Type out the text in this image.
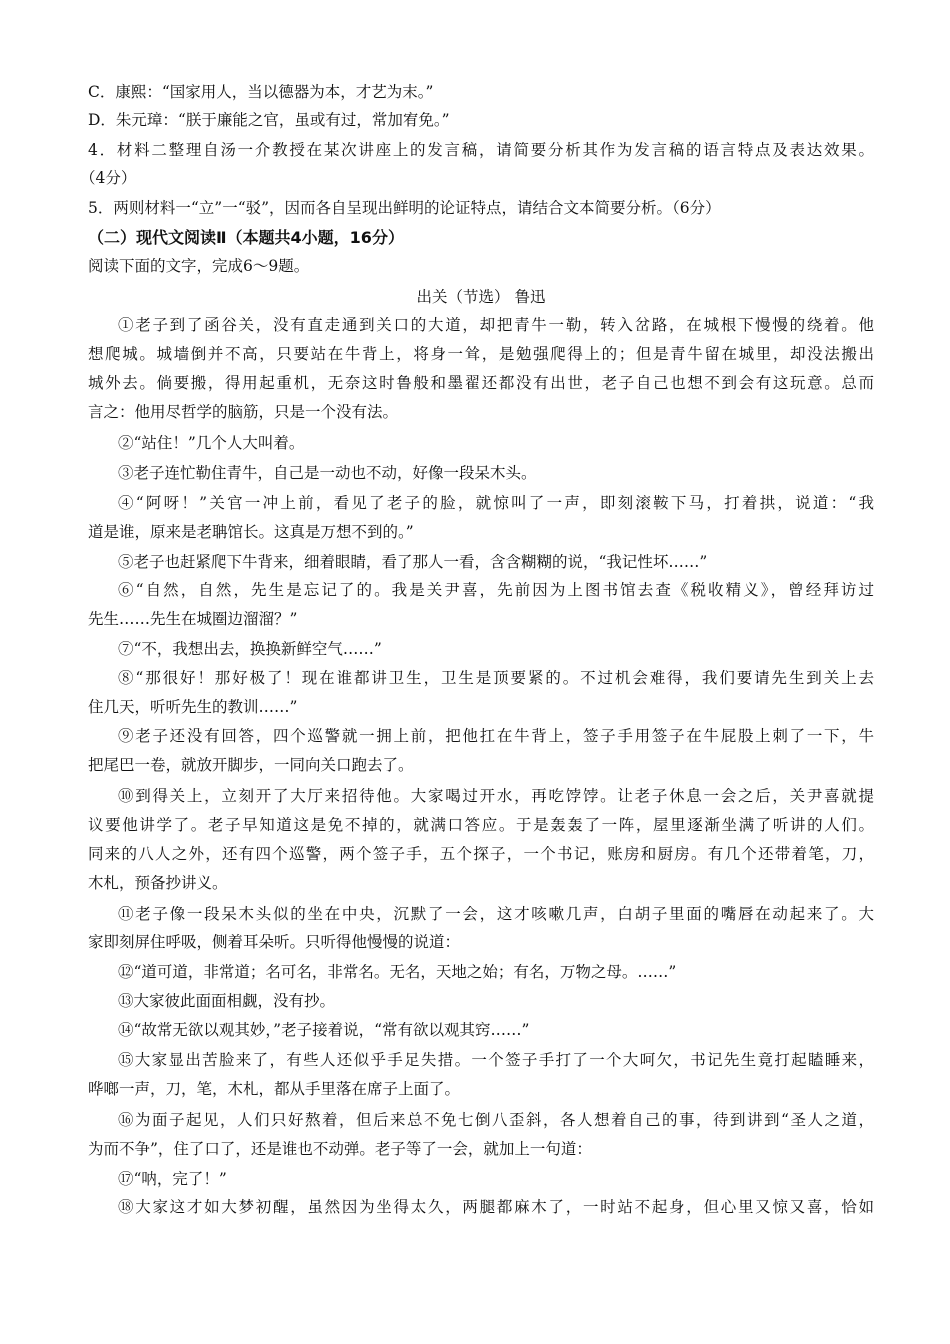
C．康熙：“国家用人，当以德器为本，才艺为末。”
D．朱元璋：“朕于廉能之官，虽或有过，常加宥免。”
4．材料二整理自汤一介教授在某次讲座上的发言稿，请简要分析其作为发言稿的语言特点及表达效果。
（4分）
5．两则材料一“立”一“驳”，因而各自呈现出鲜明的论证特点，请结合文本简要分析。（6分）
（二）现代文阅读Ⅱ（本题共4小题，16分）
阅读下面的文字，完成6～9题。
出关（节选） 鲁迅
①老子到了函谷关，没有直走通到关口的大道，却把青牛一勒，转入岔路，在城根下慢慢的绕着。他
想爬城。城墙倒并不高，只要站在牛背上，将身一耸，是勉强爬得上的；但是青牛留在城里，却没法搬出
城外去。倘要搬，得用起重机，无奈这时鲁般和墨翟还都没有出世，老子自己也想不到会有这玩意。总而
言之：他用尽哲学的脑筋，只是一个没有法。
②“站住！”几个人大叫着。
③老子连忙勒住青牛，自己是一动也不动，好像一段呆木头。
④“阿呀！”关官一冲上前，看见了老子的脸，就惊叫了一声，即刻滚鞍下马，打着拱，说道：“我
道是谁，原来是老聃馆长。这真是万想不到的。”
⑤老子也赶紧爬下牛背来，细着眼睛，看了那人一看，含含糊糊的说，“我记性坏……”
⑥“自然，自然，先生是忘记了的。我是关尹喜，先前因为上图书馆去查《税收精义》，曾经拜访过
先生……先生在城圈边溜溜？”
⑦“不，我想出去，换换新鲜空气……”
⑧“那很好！那好极了！现在谁都讲卫生，卫生是顶要紧的。不过机会难得，我们要请先生到关上去
住几天，听听先生的教训……”
⑨老子还没有回答，四个巡警就一拥上前，把他扛在牛背上，签子手用签子在牛屁股上刺了一下，牛
把尾巴一卷，就放开脚步，一同向关口跑去了。
⑩到得关上，立刻开了大厅来招待他。大家喝过开水，再吃饽饽。让老子休息一会之后，关尹喜就提
议要他讲学了。老子早知道这是免不掉的，就满口答应。于是轰轰了一阵，屋里逐渐坐满了听讲的人们。
同来的八人之外，还有四个巡警，两个签子手，五个探子，一个书记，账房和厨房。有几个还带着笔，刀，
木札，预备抄讲义。
⑪老子像一段呆木头似的坐在中央，沉默了一会，这才咳嗽几声，白胡子里面的嘴唇在动起来了。大
家即刻屏住呼吸，侧着耳朵听。只听得他慢慢的说道：
⑫“道可道，非常道；名可名，非常名。无名，天地之始；有名，万物之母。……”
⑬大家彼此面面相觑，没有抄。
⑭“故常无欲以观其妙，”老子接着说，“常有欲以观其窍……”
⑮大家显出苦脸来了，有些人还似乎手足失措。一个签子手打了一个大呵欠，书记先生竟打起瞌睡来，
哗啷一声，刀，笔，木札，都从手里落在席子上面了。
⑯为面子起见，人们只好熬着，但后来总不免七倒八歪斜，各人想着自己的事，待到讲到“圣人之道，
为而不争”，住了口了，还是谁也不动弹。老子等了一会，就加上一句道：
⑰“呐，完了！”
⑱大家这才如大梦初醒，虽然因为坐得太久，两腿都麻木了，一时站不起身，但心里又惊又喜，恰如
